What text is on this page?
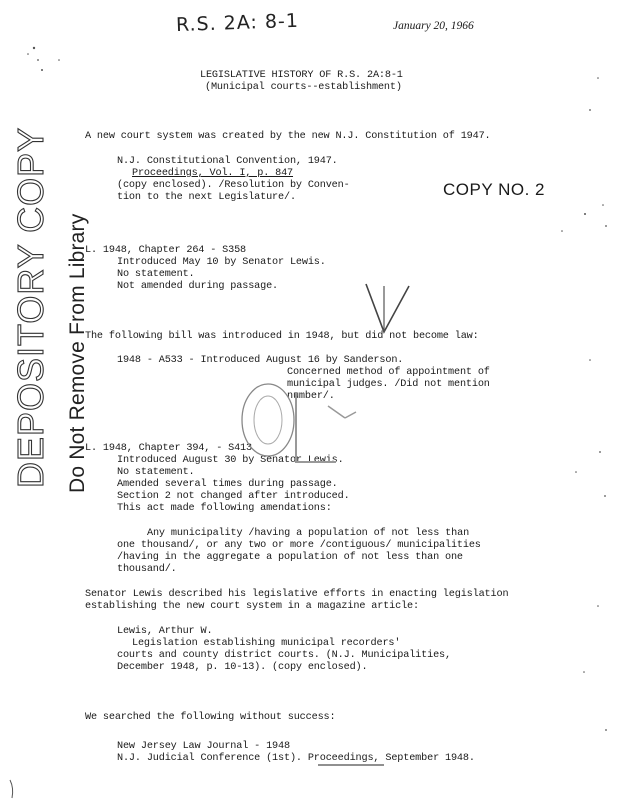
R.S. 2A: 8-1	January 20, 1966
DEPOSITORY COPY Do Not Remove From Library
COPY NO. 2
LEGISLATIVE HISTORY OF R.S. 2A:8-1
(Municipal courts--establishment)
A new court system was created by the new N.J. Constitution of 1947.
N.J. Constitutional Convention, 1947.
Proceedings, Vol. I, p. 847
(copy enclosed). /Resolution by Conven-
tion to the next Legislature/.
L. 1948, Chapter 264 - S358
Introduced May 10 by Senator Lewis.
No statement.
Not amended during passage.
The following bill was introduced in 1948, but did not become law:
1948 - A533 - Introduced August 16 by Sanderson.
Concerned method of appointment of
municipal judges. /Did not mention
number/.
L. 1948, Chapter 394, - S413
Introduced August 30 by Senator Lewis.
No statement.
Amended several times during passage.
Section 2 not changed after introduced.
This act made following amendations:
Any municipality /having a population of not less than
one thousand/, or any two or more /contiguous/ municipalities
/having in the aggregate a population of not less than one
thousand/.
Senator Lewis described his legislative efforts in enacting legislation
establishing the new court system in a magazine article:
Lewis, Arthur W.
Legislation establishing municipal recorders'
courts and county district courts. (N.J. Municipalities,
December 1948, p. 10-13). (copy enclosed).
We searched the following without success:
New Jersey Law Journal - 1948
N.J. Judicial Conference (1st). Proceedings, September 1948.
